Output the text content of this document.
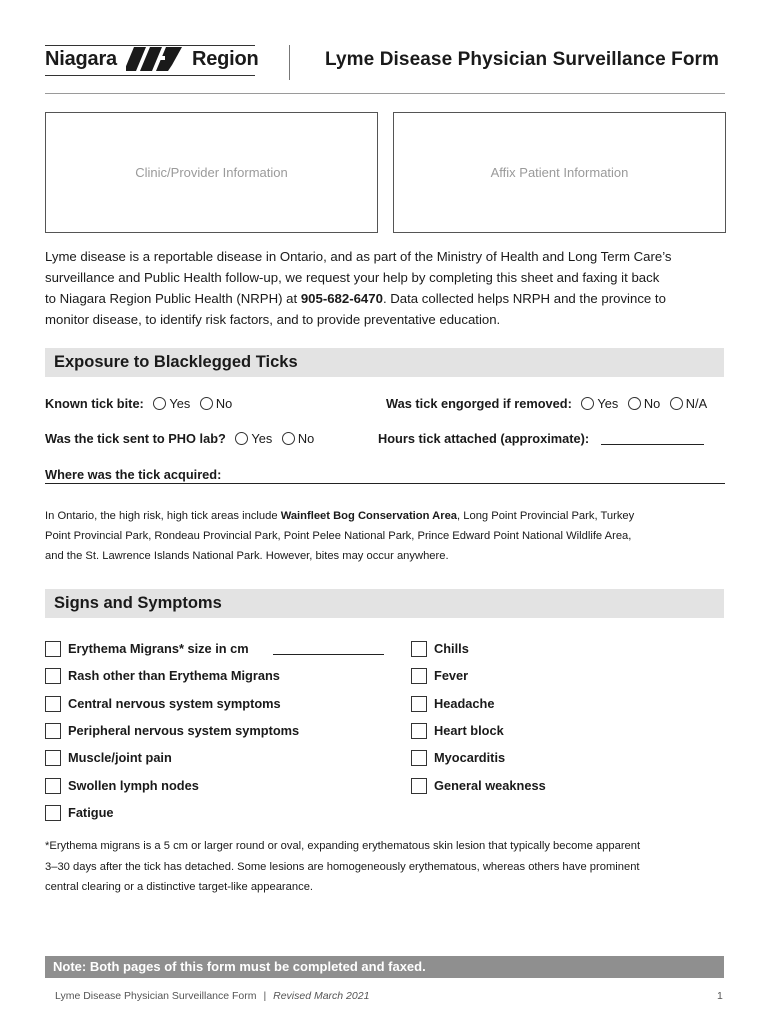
Niagara	Region	Lyme Disease Physician Surveillance Form
Clinic/Provider Information	Affix Patient Information
Lyme disease is a reportable disease in Ontario, and as part of the Ministry of Health and Long Term Care’s
surveillance and Public Health follow-up, we request your help by completing this sheet and faxing it back
to Niagara Region Public Health (NRPH) at 905-682-6470. Data collected helps NRPH and the province to
monitor disease, to identify risk factors, and to provide preventative education.
Exposure to Blacklegged Ticks
Known tick bite: Yes No	Was tick engorged if removed: Yes No N/A
Was the tick sent to PHO lab? Yes No	Hours tick attached (approximate):
Where was the tick acquired:
In Ontario, the high risk, high tick areas include Wainfleet Bog Conservation Area, Long Point Provincial Park, Turkey
Point Provincial Park, Rondeau Provincial Park, Point Pelee National Park, Prince Edward Point National Wildlife Area,
and the St. Lawrence Islands National Park. However, bites may occur anywhere.
Signs and Symptoms
*Erythema migrans is a 5 cm or larger round or oval, expanding erythematous skin lesion that typically become apparent
3–30 days after the tick has detached. Some lesions are homogeneously erythematous, whereas others have prominent
central clearing or a distinctive target-like appearance.
Note: Both pages of this form must be completed and faxed.
Lyme Disease Physician Surveillance Form | Revised March 2021	1
Erythema Migrans* size in cm
Rash other than Erythema Migrans
Central nervous system symptoms
Peripheral nervous system symptoms
Muscle/joint pain
Swollen lymph nodes
Fatigue
Chills
Fever
Headache
Heart block
Myocarditis
General weakness
